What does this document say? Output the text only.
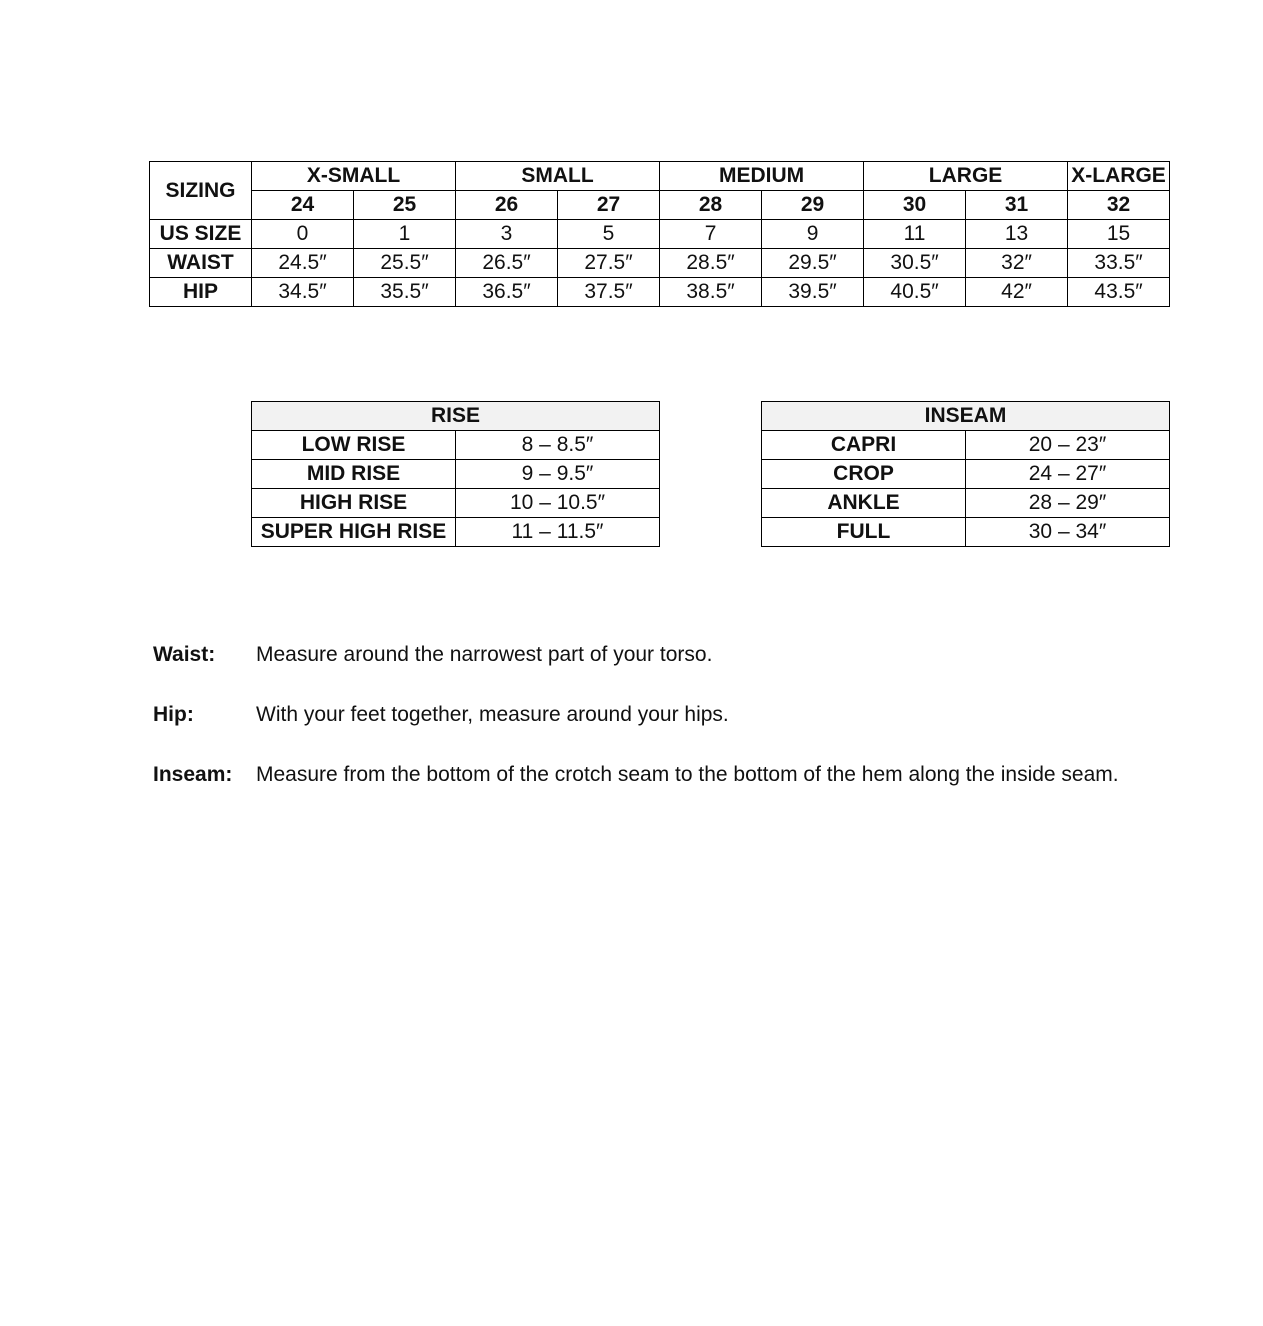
SIZING	X-SMALL		SMALL		MEDIUM		LARGE		X-LARGE
	24	25	26	27	28	29	30	31	32
US SIZE	0	1	3	5	7	9	11	13	15
WAIST	24.5″	25.5″	26.5″	27.5″	28.5″	29.5″	30.5″	32″	33.5″
HIP	34.5″	35.5″	36.5″	37.5″	38.5″	39.5″	40.5″	42″	43.5″
RISE	
LOW RISE	8 – 8.5″
MID RISE	9 – 9.5″
HIGH RISE	10 – 10.5″
SUPER HIGH RISE	11 – 11.5″
INSEAM	
CAPRI	20 – 23″
CROP	24 – 27″
ANKLE	28 – 29″
FULL	30 – 34″
Waist: Measure around the narrowest part of your torso.
Hip:	With your feet together, measure around your hips.
Inseam: Measure from the bottom of the crotch seam to the bottom of the hem along the inside seam.
